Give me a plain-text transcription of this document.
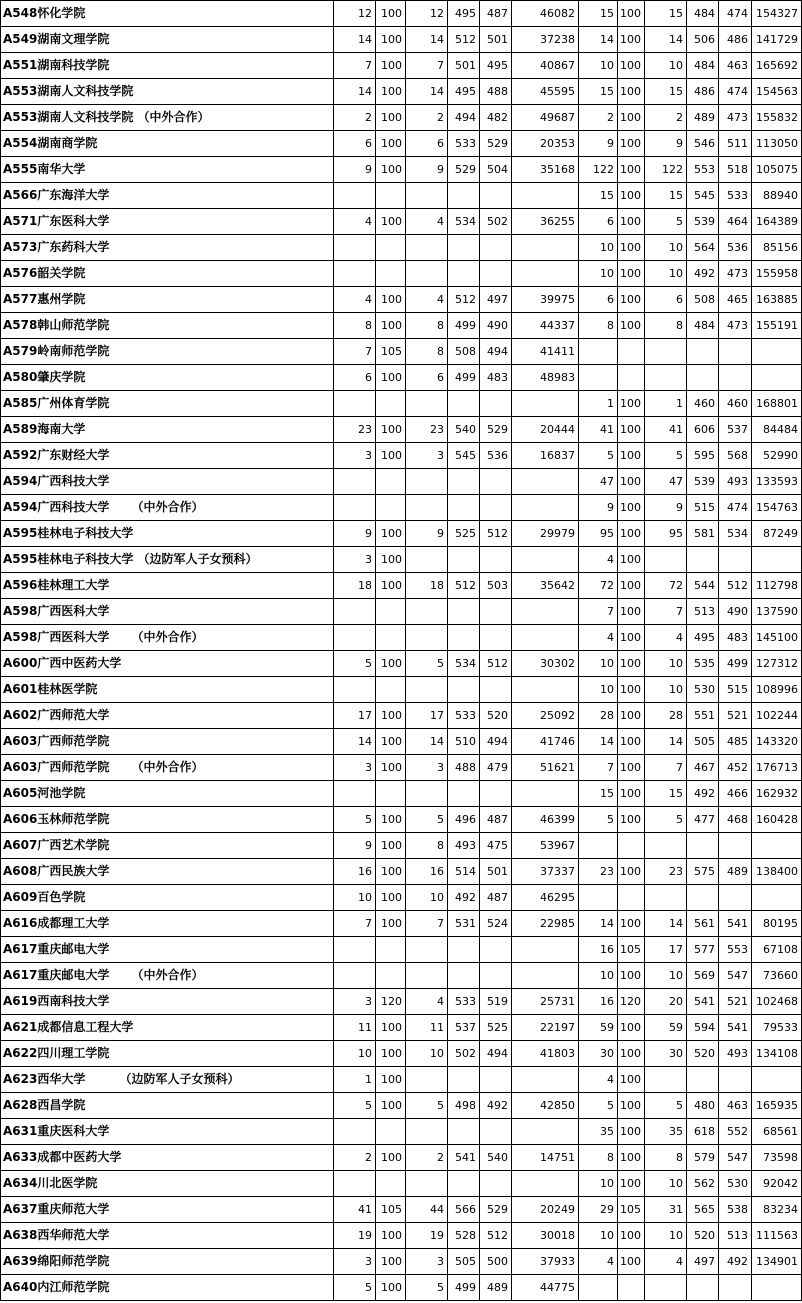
A548怀化学院	12	100	12	495	487	46082	15	100	15	484	474	154327
A549湖南文理学院	14	100	14	512	501	37238	14	100	14	506	486	141729
A551湖南科技学院	7	100	7	501	495	40867	10	100	10	484	463	165692
A553湖南人文科技学院	14	100	14	495	488	45595	15	100	15	486	474	154563
A553湖南人文科技学院 （中外合作）	2	100	2	494	482	49687	2	100	2	489	473	155832
A554湖南商学院	6	100	6	533	529	20353	9	100	9	546	511	113050
A555南华大学	9	100	9	529	504	35168	122	100	122	553	518	105075
A566广东海洋大学							15	100	15	545	533	88940
A571广东医科大学	4	100	4	534	502	36255	6	100	5	539	464	164389
A573广东药科大学							10	100	10	564	536	85156
A576韶关学院							10	100	10	492	473	155958
A577惠州学院	4	100	4	512	497	39975	6	100	6	508	465	163885
A578韩山师范学院	8	100	8	499	490	44337	8	100	8	484	473	155191
A579岭南师范学院	7	105	8	508	494	41411						
A580肇庆学院	6	100	6	499	483	48983						
A585广州体育学院							1	100	1	460	460	168801
A589海南大学	23	100	23	540	529	20444	41	100	41	606	537	84484
A592广东财经大学	3	100	3	545	536	16837	5	100	5	595	568	52990
A594广西科技大学							47	100	47	539	493	133593
A594广西科技大学 　　（中外合作）							9	100	9	515	474	154763
A595桂林电子科技大学	9	100	9	525	512	29979	95	100	95	581	534	87249
A595桂林电子科技大学 （边防军人子女预科）	3	100					4	100				
A596桂林理工大学	18	100	18	512	503	35642	72	100	72	544	512	112798
A598广西医科大学							7	100	7	513	490	137590
A598广西医科大学 　　（中外合作）							4	100	4	495	483	145100
A600广西中医药大学	5	100	5	534	512	30302	10	100	10	535	499	127312
A601桂林医学院							10	100	10	530	515	108996
A602广西师范大学	17	100	17	533	520	25092	28	100	28	551	521	102244
A603广西师范学院	14	100	14	510	494	41746	14	100	14	505	485	143320
A603广西师范学院 　　（中外合作）	3	100	3	488	479	51621	7	100	7	467	452	176713
A605河池学院							15	100	15	492	466	162932
A606玉林师范学院	5	100	5	496	487	46399	5	100	5	477	468	160428
A607广西艺术学院	9	100	8	493	475	53967						
A608广西民族大学	16	100	16	514	501	37337	23	100	23	575	489	138400
A609百色学院	10	100	10	492	487	46295						
A616成都理工大学	7	100	7	531	524	22985	14	100	14	561	541	80195
A617重庆邮电大学							16	105	17	577	553	67108
A617重庆邮电大学 　　（中外合作）							10	100	10	569	547	73660
A619西南科技大学	3	120	4	533	519	25731	16	120	20	541	521	102468
A621成都信息工程大学	11	100	11	537	525	22197	59	100	59	594	541	79533
A622四川理工学院	10	100	10	502	494	41803	30	100	30	520	493	134108
A623西华大学 　　　（边防军人子女预科）	1	100					4	100				
A628西昌学院	5	100	5	498	492	42850	5	100	5	480	463	165935
A631重庆医科大学							35	100	35	618	552	68561
A633成都中医药大学	2	100	2	541	540	14751	8	100	8	579	547	73598
A634川北医学院							10	100	10	562	530	92042
A637重庆师范大学	41	105	44	566	529	20249	29	105	31	565	538	83234
A638西华师范大学	19	100	19	528	512	30018	10	100	10	520	513	111563
A639绵阳师范学院	3	100	3	505	500	37933	4	100	4	497	492	134901
A640内江师范学院	5	100	5	499	489	44775						
